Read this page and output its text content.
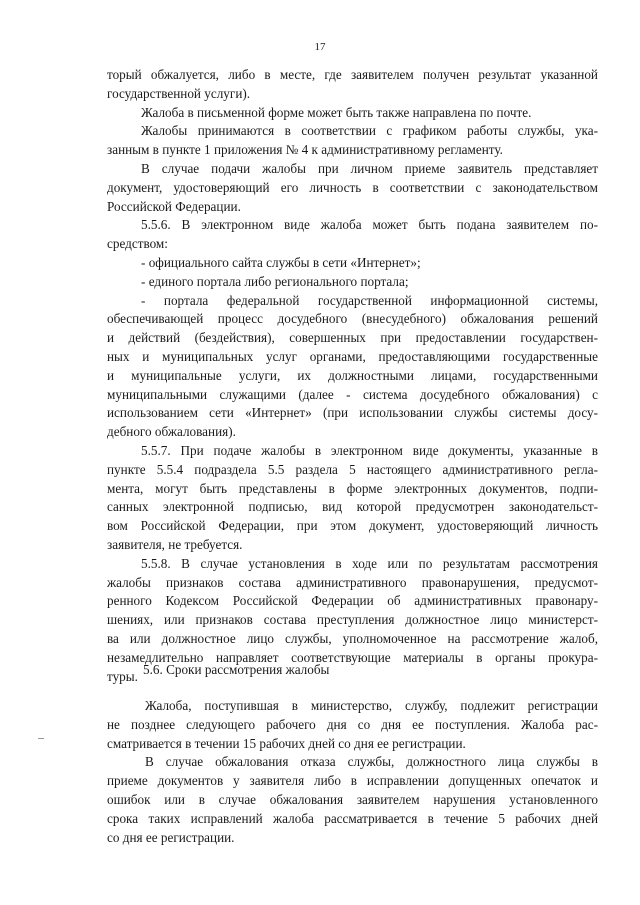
17
торый обжалуется, либо в месте, где заявителем получен результат указанной
государственной услуги).
Жалоба в письменной форме может быть также направлена по почте.
Жалобы принимаются в соответствии с графиком работы службы, ука-
занным в пункте 1 приложения № 4 к административному регламенту.
В случае подачи жалобы при личном приеме заявитель представляет
документ, удостоверяющий его личность в соответствии с законодательством
Российской Федерации.
5.5.6. В электронном виде жалоба может быть подана заявителем по-
средством:
- официального сайта службы в сети «Интернет»;
- единого портала либо регионального портала;
- портала федеральной государственной информационной системы,
обеспечивающей процесс досудебного (внесудебного) обжалования решений
и действий (бездействия), совершенных при предоставлении государствен-
ных и муниципальных услуг органами, предоставляющими государственные
и муниципальные услуги, их должностными лицами, государственными
муниципальными служащими (далее - система досудебного обжалования) с
использованием сети «Интернет» (при использовании службы системы досу-
дебного обжалования).
5.5.7. При подаче жалобы в электронном виде документы, указанные в
пункте 5.5.4 подраздела 5.5 раздела 5 настоящего административного регла-
мента, могут быть представлены в форме электронных документов, подпи-
санных электронной подписью, вид которой предусмотрен законодательст-
вом Российской Федерации, при этом документ, удостоверяющий личность
заявителя, не требуется.
5.5.8. В случае установления в ходе или по результатам рассмотрения
жалобы признаков состава административного правонарушения, предусмот-
ренного Кодексом Российской Федерации об административных правонару-
шениях, или признаков состава преступления должностное лицо министерст-
ва или должностное лицо службы, уполномоченное на рассмотрение жалоб,
незамедлительно направляет соответствующие материалы в органы прокура-
туры. 5.6. Сроки рассмотрения жалобы
Жалоба, поступившая в министерство, службу, подлежит регистрации
не позднее следующего рабочего дня со дня ее поступления. Жалоба рас-
сматривается в течении 15 рабочих дней со дня ее регистрации.
В случае обжалования отказа службы, должностного лица службы в
приеме документов у заявителя либо в исправлении допущенных опечаток и
ошибок или в случае обжалования заявителем нарушения установленного
срока таких исправлений жалоба рассматривается в течение 5 рабочих дней
со дня ее регистрации.
